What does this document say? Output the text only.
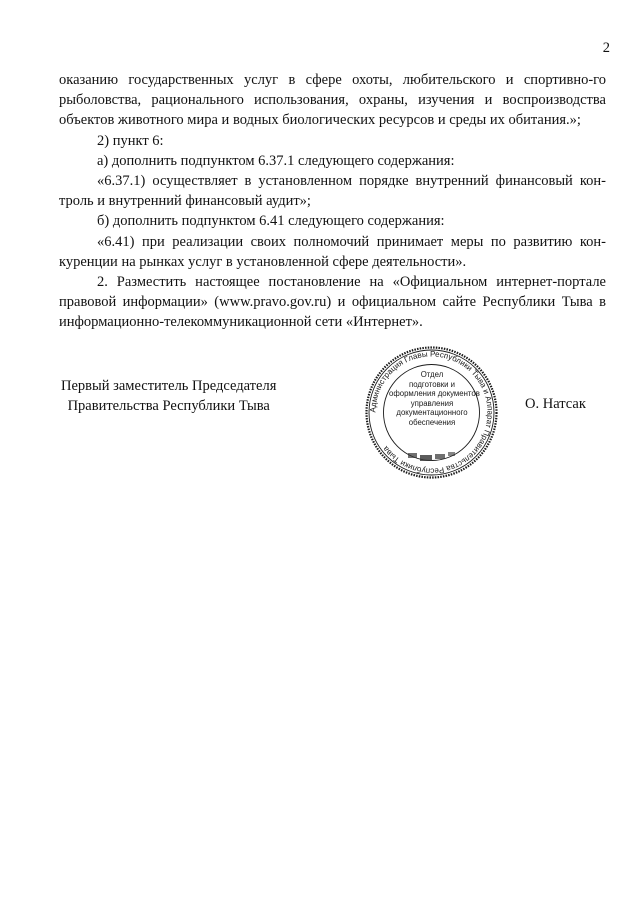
2

оказанию государственных услуг в сфере охоты, любительского и спортивно-го рыболовства, рационального использования, охраны, изучения и воспроизводства объектов животного мира и водных биологических ресурсов и среды их обитания.»;

2) пункт 6:

а) дополнить подпунктом 6.37.1 следующего содержания:

«6.37.1) осуществляет в установленном порядке внутренний финансовый кон-троль и внутренний финансовый аудит»;

б) дополнить подпунктом 6.41 следующего содержания:

«6.41) при реализации своих полномочий принимает меры по развитию кон-куренции на рынках услуг в установленной сфере деятельности».

2. Разместить настоящее постановление на «Официальном интернет-портале правовой информации» (www.pravo.gov.ru) и официальном сайте Республики Тыва в информационно-телекоммуникационной сети «Интернет».

Первый заместитель Председателя
Правительства Республики Тыва	Администрация Главы Республики Тыва и Аппарат Правительства Республики Тыва
Отдел
подготовки и
оформления документов
управления
документационного
обеспечения
О. Натсак
